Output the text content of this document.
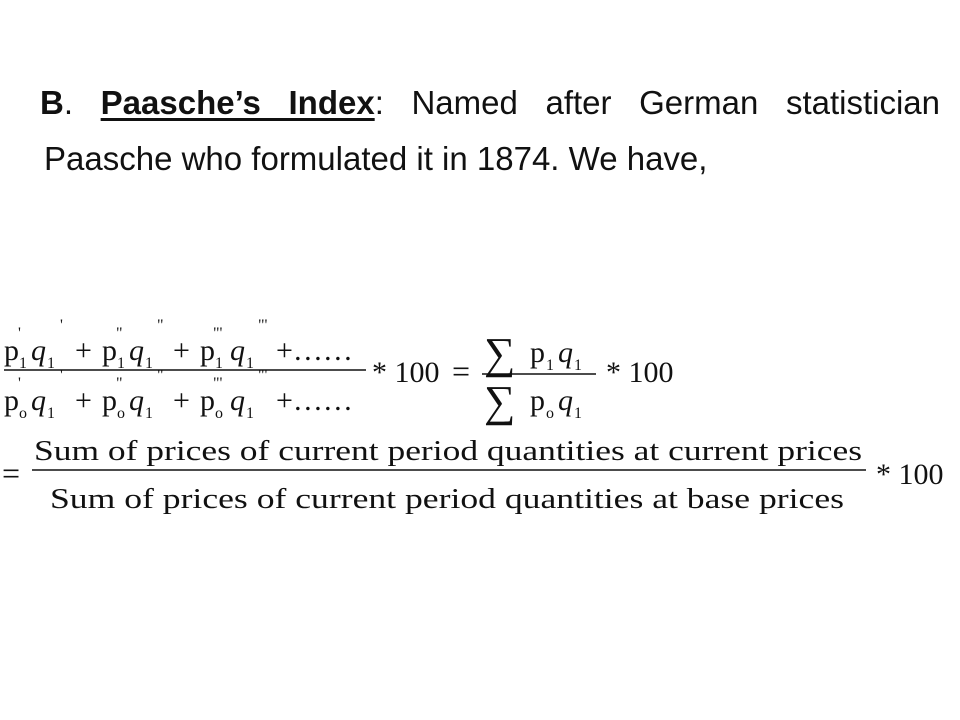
B. Paasche’s Index: Named after German statistician
Paasche who formulated it in 1874. We have,
p 1
'
q 1
'
+ p 1
"
q 1
"
+ p 1
"'
q 1
"'
+……
p o
'
q 1
'
+ p o
"
q 1
"
+ p o
"'
q 1
"'
+……
* 100 = ∑ p 1 q 1
∑ p o q 1
* 100
=
Sum of prices of current period quantities at current prices
Sum of prices of current period quantities at base prices
* 100
